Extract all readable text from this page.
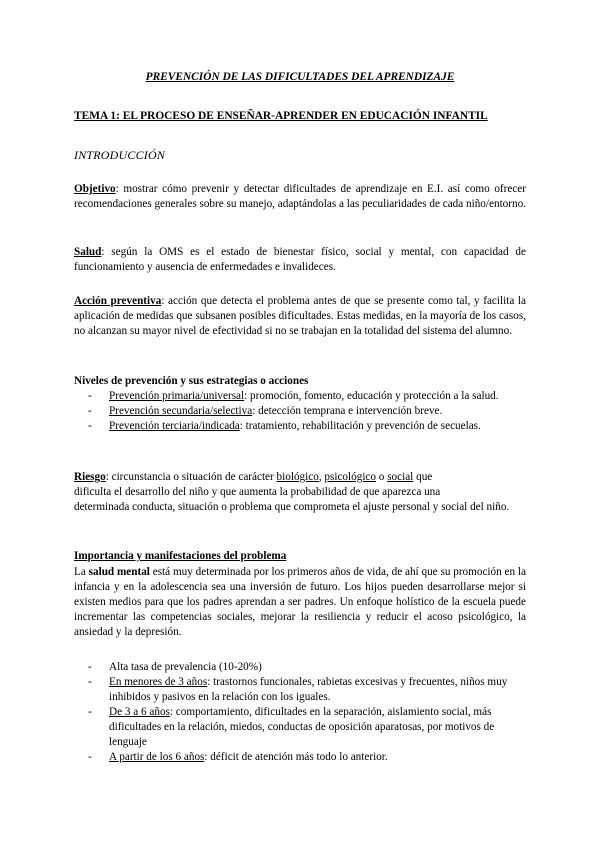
PREVENCIÓN DE LAS DIFICULTADES DEL APRENDIZAJE
TEMA 1: EL PROCESO DE ENSEÑAR-APRENDER EN EDUCACIÓN INFANTIL
INTRODUCCIÓN
Objetivo: mostrar cómo prevenir y detectar dificultades de aprendizaje en E.I. así como ofrecer recomendaciones generales sobre su manejo, adaptándolas a las peculiaridades de cada niño/entorno.
Salud: según la OMS es el estado de bienestar físico, social y mental, con capacidad de funcionamiento y ausencia de enfermedades e invalideces.
Acción preventiva: acción que detecta el problema antes de que se presente como tal, y facilita la aplicación de medidas que subsanen posibles dificultades. Estas medidas, en la mayoría de los casos, no alcanzan su mayor nivel de efectividad si no se trabajan en la totalidad del sistema del alumno.
Niveles de prevención y sus estrategias o acciones
- Prevención primaria/universal: promoción, fomento, educación y protección a la salud.
- Prevención secundaria/selectiva: detección temprana e intervención breve.
- Prevención terciaria/indicada: tratamiento, rehabilitación y prevención de secuelas.
Riesgo: circunstancia o situación de carácter biológico, psicológico o social que
dificulta el desarrollo del niño y que aumenta la probabilidad de que aparezca una
determinada conducta, situación o problema que comprometa el ajuste personal y social del niño.
Importancia y manifestaciones del problema
La salud mental está muy determinada por los primeros años de vida, de ahí que su promoción en la infancia y en la adolescencia sea una inversión de futuro. Los hijos pueden desarrollarse mejor si existen medios para que los padres aprendan a ser padres. Un enfoque holístico de la escuela puede incrementar las competencias sociales, mejorar la resiliencia y reducir el acoso psicológico, la ansiedad y la depresión.
- Alta tasa de prevalencia (10-20%)
- En menores de 3 años: trastornos funcionales, rabietas excesivas y frecuentes, niños muy inhibidos y pasivos en la relación con los iguales.
- De 3 a 6 años: comportamiento, dificultades en la separación, aislamiento social, más dificultades en la relación, miedos, conductas de oposición aparatosas, por motivos de lenguaje
- A partir de los 6 años: déficit de atención más todo lo anterior.
